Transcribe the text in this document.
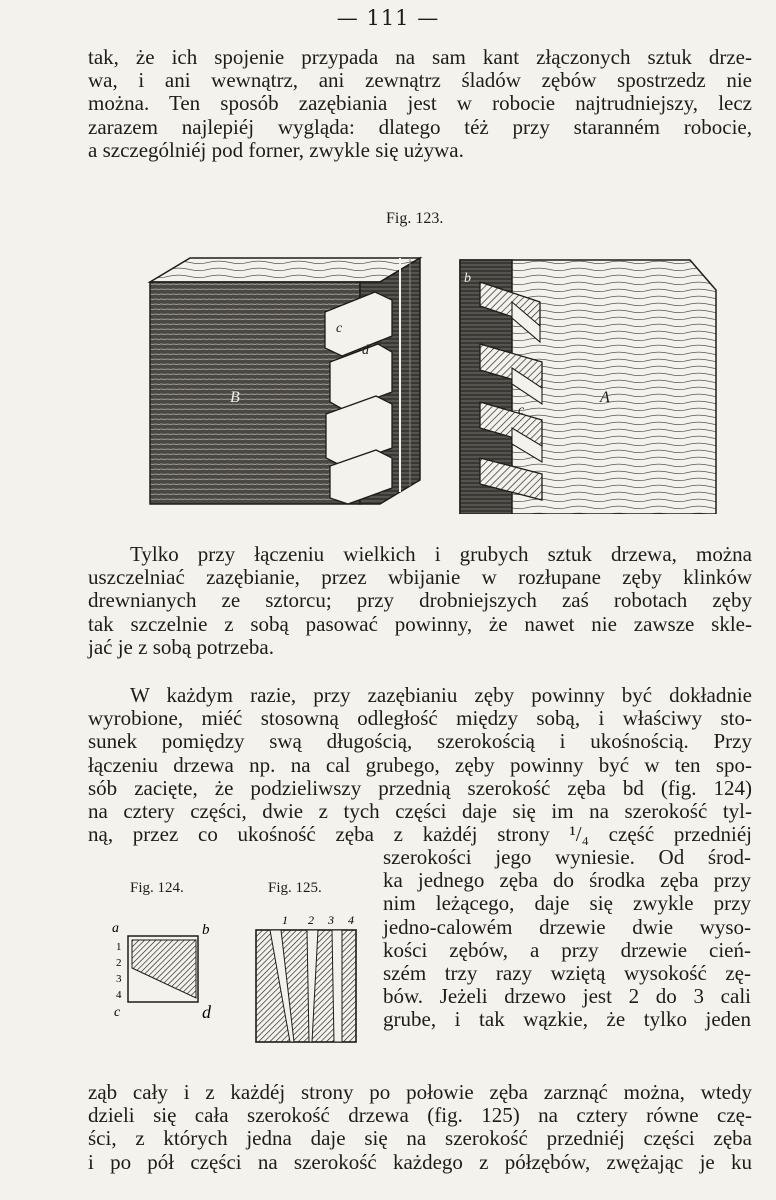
— 111 —
tak, że ich spojenie przypada na sam kant złączonych sztuk drze-
wa, i ani wewnątrz, ani zewnątrz śladów zębów spostrzedz nie
można. Ten sposób zazębiania jest w robocie najtrudniejszy, lecz
zarazem najlepiéj wygląda: dlatego téż przy staranném robocie,
a szczególniéj pod forner, zwykle się używa.
Fig. 123.
B	A
d
c
b
c
Tylko przy łączeniu wielkich i grubych sztuk drzewa, można
uszczelniać zazębianie, przez wbijanie w rozłupane zęby klinków
drewnianych ze sztorcu; przy drobniejszych zaś robotach zęby
tak szczelnie z sobą pasować powinny, że nawet nie zawsze skle-
jać je z sobą potrzeba.
W każdym razie, przy zazębianiu zęby powinny być dokładnie
wyrobione, miéć stosowną odległość między sobą, i właściwy sto-
sunek pomiędzy swą długością, szerokością i ukośnością. Przy
łączeniu drzewa np. na cal grubego, zęby powinny być w ten spo-
sób zacięte, że podzieliwszy przednią szerokość zęba bd (fig. 124)
na cztery części, dwie z tych części daje się im na szerokość tyl-
ną, przez co ukośność zęba z każdéj strony ¹/₄ część przedniéj
szerokości jego wyniesie. Od środ-
ka jednego zęba do środka zęba przy
nim leżącego, daje się zwykle przy
jedno-calowém drzewie dwie wyso-
kości zębów, a przy drzewie cień-
szém trzy razy wziętą wysokość zę-
bów. Jeżeli drzewo jest 2 do 3 cali
grube, i tak wązkie, że tylko jeden
Fig. 124.	Fig. 125.
a	b
c	d
1
2
3
4
1 2 3 4
ząb cały i z każdéj strony po połowie zęba zarznąć można, wtedy
dzieli się cała szerokość drzewa (fig. 125) na cztery równe czę-
ści, z których jedna daje się na szerokość przedniéj części zęba
i po pół części na szerokość każdego z półzębów, zwężając je ku
